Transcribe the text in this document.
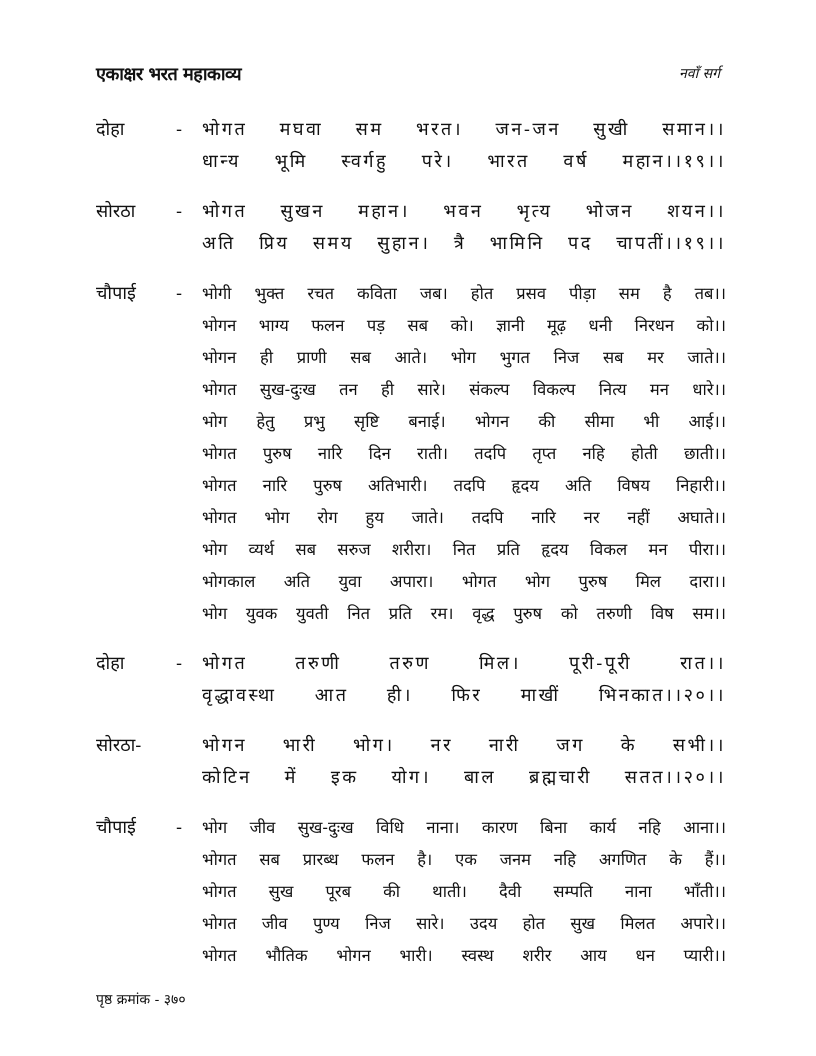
एकाक्षर भरत महाकाव्य	नवाँ सर्ग
दोहा	- भोगत मघवा सम भरत। जन-जन सुखी समान।।
धान्य भूमि स्वर्गहु परे। भारत वर्ष महान।।१९।।
सोरठा - भोगत सुखन महान। भवन भृत्य भोजन शयन।।
अति प्रिय समय सुहान। त्रै भामिनि पद चापतीं।।१९।।
चौपाई - भोगी भुक्त रचत कविता जब। होत प्रसव पीड़ा सम है तब।।
भोगन भाग्य फलन पड़ सब को। ज्ञानी मूढ़ धनी निरधन को।।
भोगन ही प्राणी सब आते। भोग भुगत निज सब मर जाते।।
भोगत सुख-दुःख तन ही सारे। संकल्प विकल्प नित्य मन धारे।।
भोग हेतु प्रभु सृष्टि बनाई। भोगन की सीमा भी आई।।
भोगत पुरुष नारि दिन राती। तदपि तृप्त नहि होती छाती।।
भोगत नारि पुरुष अतिभारी। तदपि हृदय अति विषय निहारी।।
भोगत भोग रोग हुय जाते। तदपि नारि नर नहीं अघाते।।
भोग व्यर्थ सब सरुज शरीरा। नित प्रति हृदय विकल मन पीरा।।
भोगकाल अति युवा अपारा। भोगत भोग पुरुष मिल दारा।।
भोग युवक युवती नित प्रति रम। वृद्ध पुरुष को तरुणी विष सम।।
दोहा	- भोगत तरुणी तरुण मिल। पूरी-पूरी रात।।
वृद्धावस्था आत ही। फिर माखीं भिनकात।।२०।।
सोरठा-	भोगन भारी भोग। नर नारी जग के सभी।।
कोटिन में इक योग। बाल ब्रह्मचारी सतत।।२०।।
चौपाई - भोग जीव सुख-दुःख विधि नाना। कारण बिना कार्य नहि आना।।
भोगत सब प्रारब्ध फलन है। एक जनम नहि अगणित के हैं।।
भोगत सुख पूरब की थाती। दैवी सम्पति नाना भाँती।।
भोगत जीव पुण्य निज सारे। उदय होत सुख मिलत अपारे।।
भोगत भौतिक भोगन भारी। स्वस्थ शरीर आय धन प्यारी।।
पृष्ठ क्रमांक - ३७०
